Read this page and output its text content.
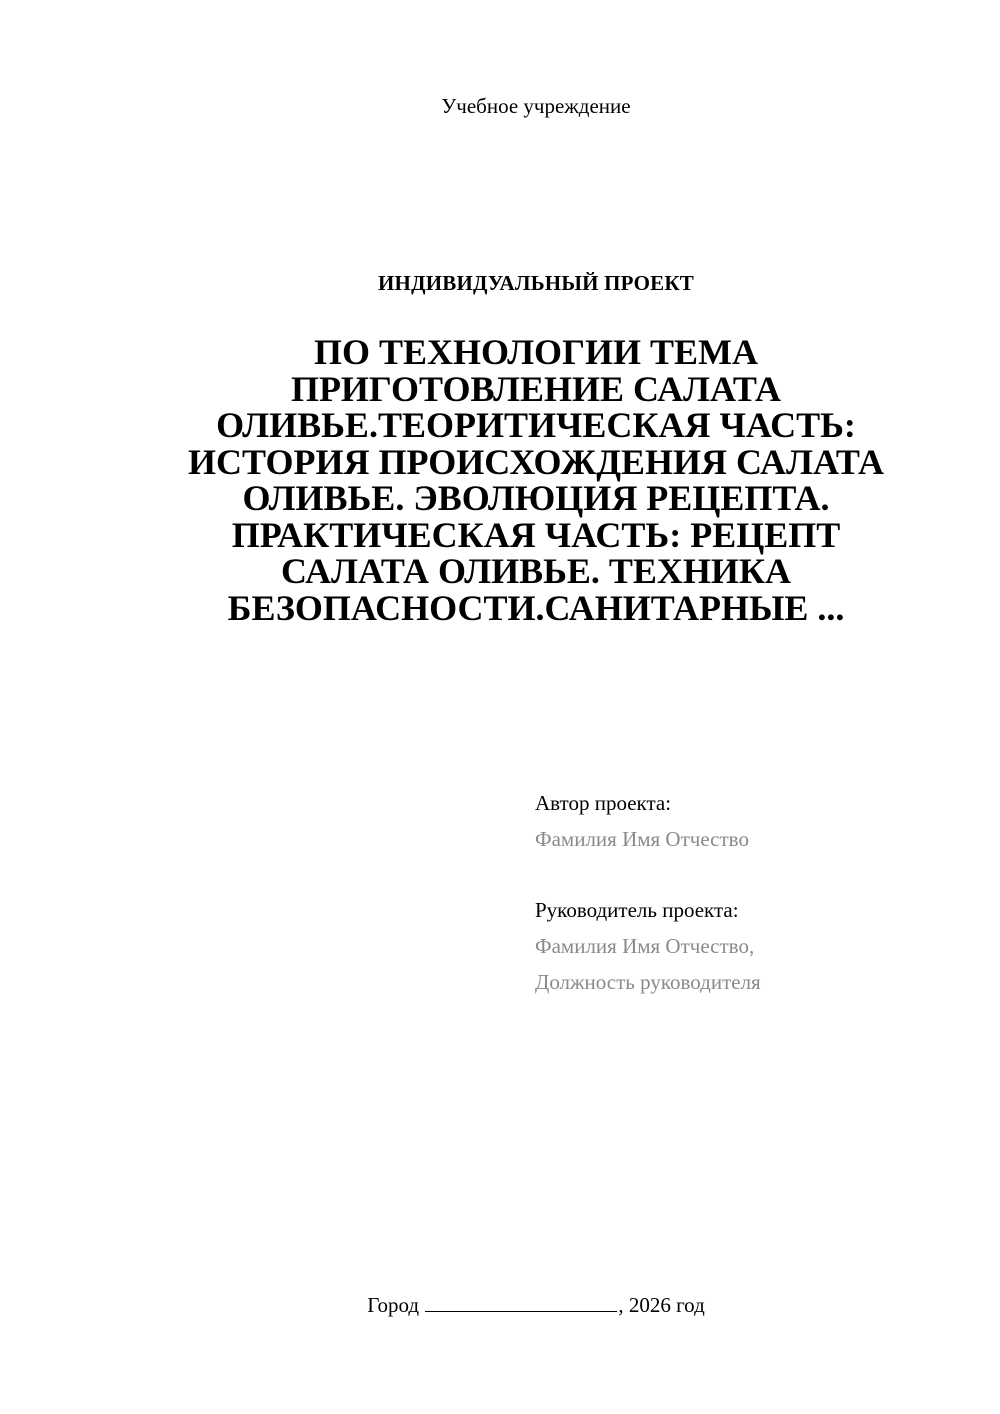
Учебное учреждение
ИНДИВИДУАЛЬНЫЙ ПРОЕКТ
ПО ТЕХНОЛОГИИ ТЕМА
ПРИГОТОВЛЕНИЕ САЛАТА
ОЛИВЬЕ.ТЕОРИТИЧЕСКАЯ ЧАСТЬ:
ИСТОРИЯ ПРОИСХОЖДЕНИЯ САЛАТА
ОЛИВЬЕ. ЭВОЛЮЦИЯ РЕЦЕПТА.
ПРАКТИЧЕСКАЯ ЧАСТЬ: РЕЦЕПТ
САЛАТА ОЛИВЬЕ. ТЕХНИКА
БЕЗОПАСНОСТИ.САНИТАРНЫЕ ...
Автор проекта:
Фамилия Имя Отчество
Руководитель проекта:
Фамилия Имя Отчество,
Должность руководителя
Город	, 2026 год
